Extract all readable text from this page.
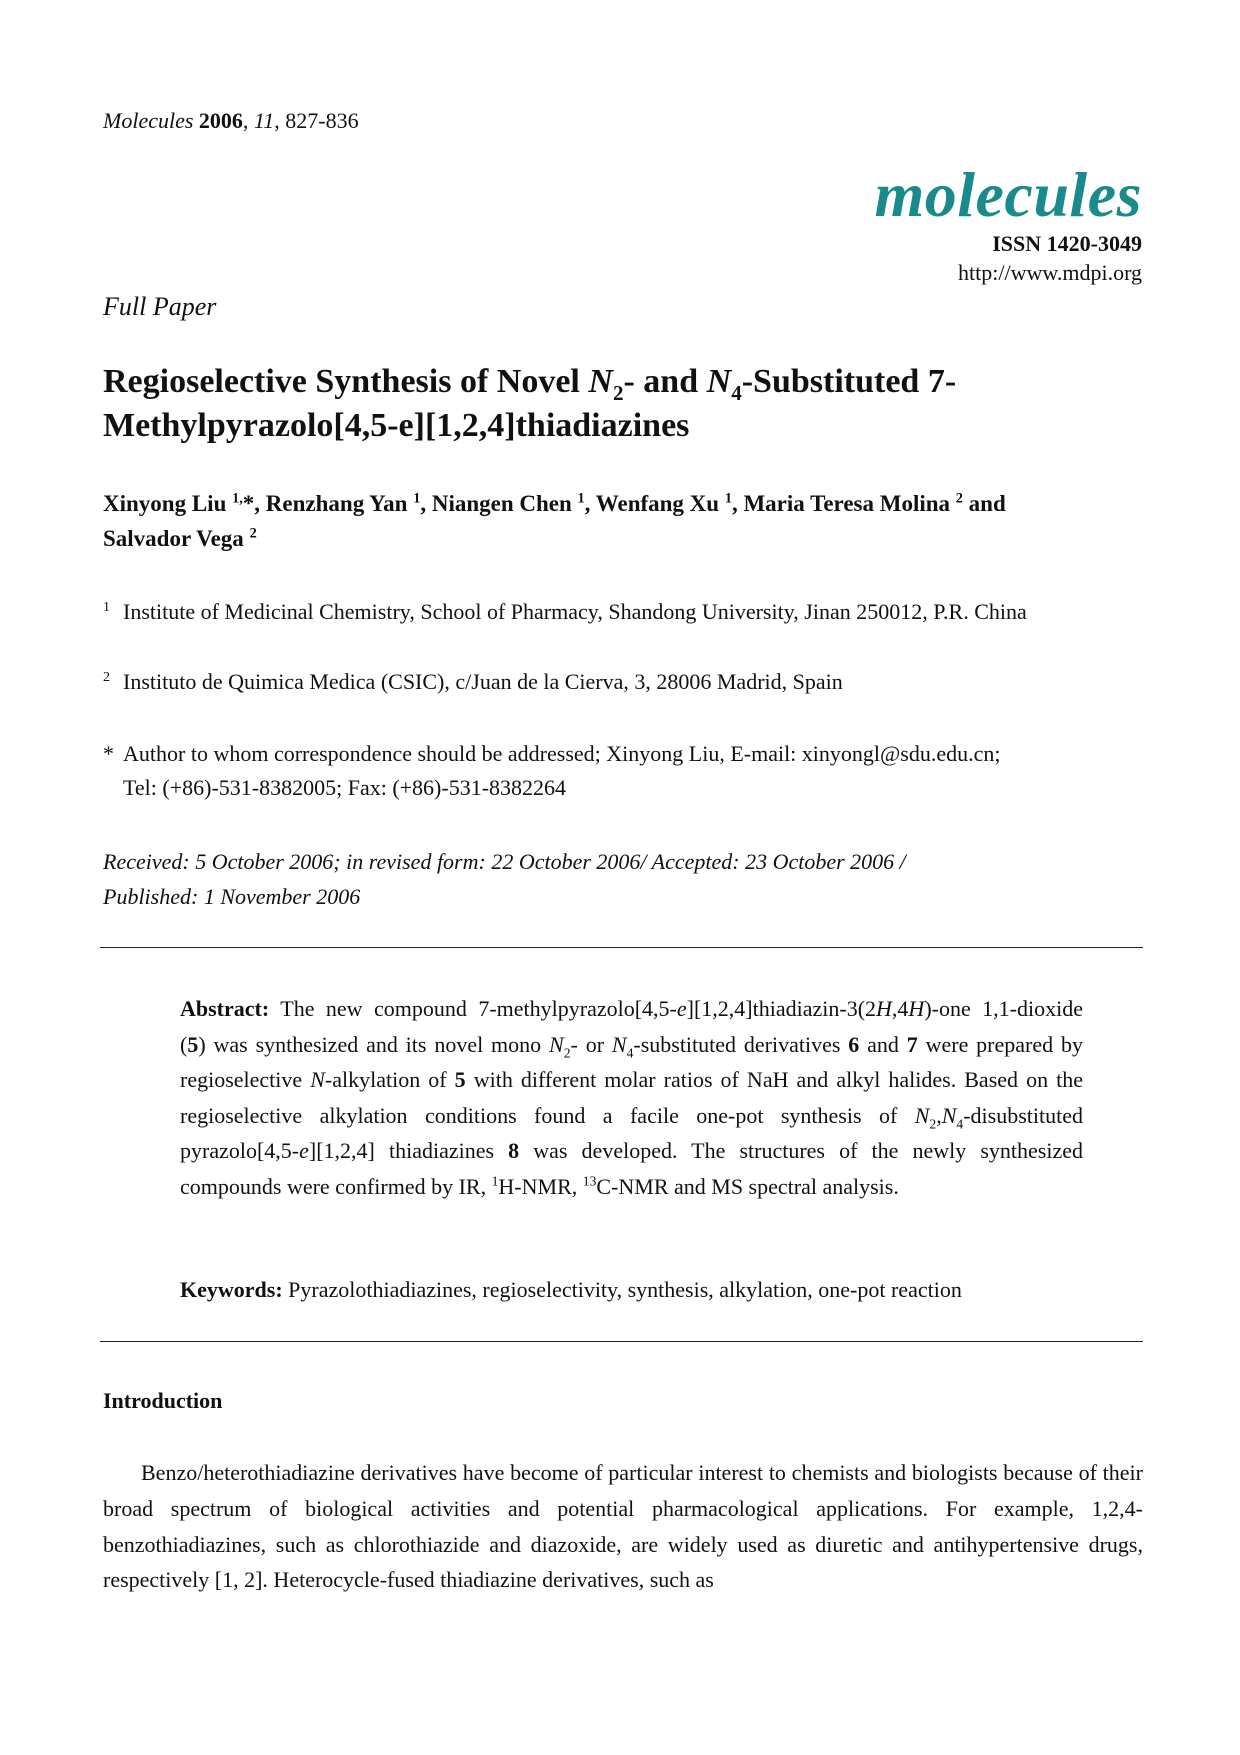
Molecules 2006, 11, 827-836
molecules
ISSN 1420-3049
http://www.mdpi.org
Full Paper
Regioselective Synthesis of Novel $N_2-$ and $N_4$-Substituted 7-
Methylpyrazolo[4,5-e][1,2,4]thiadiazines
Xinyong Liu $^{1,}$*, Renzhang Yan $^1$, Niangen Chen $^1$, Wenfang Xu $^1$, Maria Teresa Molina $^2$ and
Salvador Vega $^2$
1 Institute of Medicinal Chemistry, School of Pharmacy, Shandong University, Jinan 250012, P.R. China
2 Instituto de Quimica Medica (CSIC), c/Juan de la Cierva, 3, 28006 Madrid, Spain
* Author to whom correspondence should be addressed; Xinyong Liu, E-mail: xinyongl@sdu.edu.cn;
Tel: (+86)-531-8382005; Fax: (+86)-531-8382264
Received: 5 October 2006; in revised form: 22 October 2006/ Accepted: 23 October 2006 /
Published: 1 November 2006
Abstract: The new compound 7-methylpyrazolo[4,5-e][1,2,4]thiadiazin-3(2H,4H)-one 1,1-dioxide (5) was synthesized and its novel mono $N_2-$ or $N_4$-substituted derivatives 6 and 7 were prepared by regioselective N-alkylation of 5 with different molar ratios of NaH and alkyl halides. Based on the regioselective alkylation conditions found a facile one-pot synthesis of $N_2,N_4$-disubstituted pyrazolo[4,5-e][1,2,4] thiadiazines 8 was developed. The structures of the newly synthesized compounds were confirmed by IR, $^1$H-NMR, $^{13}$C-NMR and MS spectral analysis.
Keywords: Pyrazolothiadiazines, regioselectivity, synthesis, alkylation, one-pot reaction
Introduction
Benzo/heterothiadiazine derivatives have become of particular interest to chemists and biologists because of their broad spectrum of biological activities and potential pharmacological applications. For example, 1,2,4-benzothiadiazines, such as chlorothiazide and diazoxide, are widely used as diuretic and antihypertensive drugs, respectively [1, 2]. Heterocycle-fused thiadiazine derivatives, such as
